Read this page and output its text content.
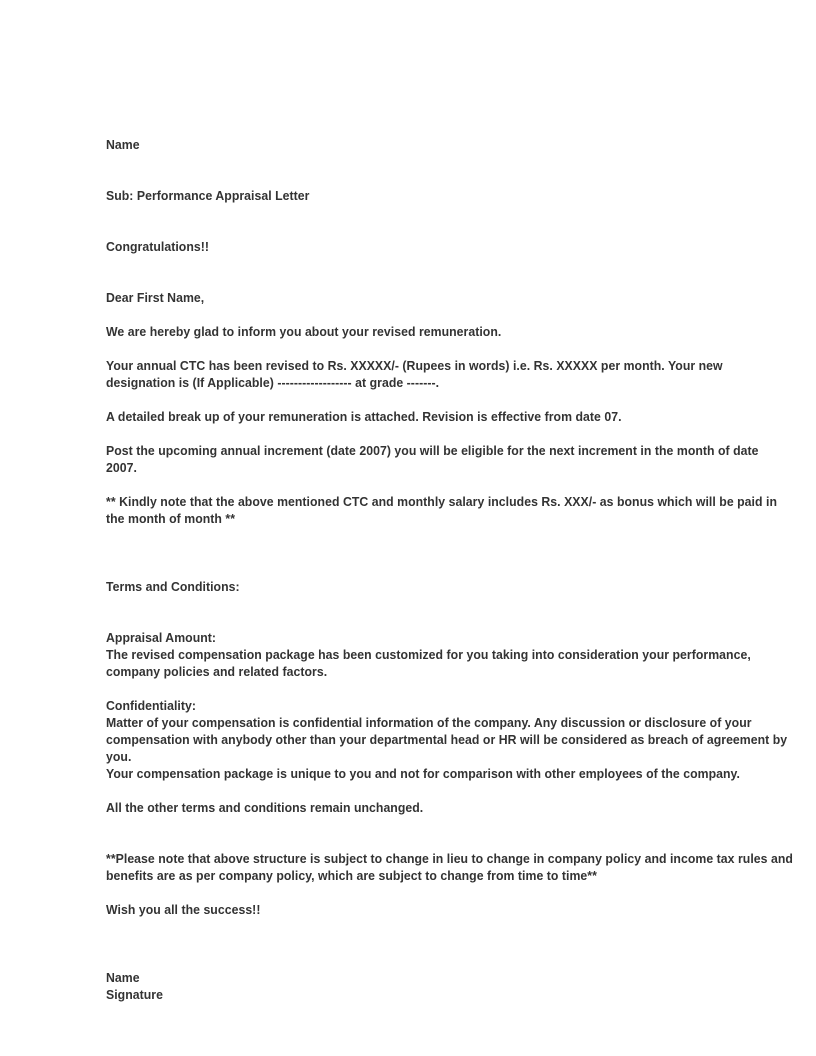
Name
Sub: Performance Appraisal Letter
Congratulations!!
Dear First Name,
We are hereby glad to inform you about your revised remuneration.
Your annual CTC has been revised to Rs. XXXXX/- (Rupees in words) i.e. Rs. XXXXX per month. Your new
designation is (If Applicable) ------------------ at grade -------.
A detailed break up of your remuneration is attached. Revision is effective from date 07.
Post the upcoming annual increment (date 2007) you will be eligible for the next increment in the month of date
2007.
** Kindly note that the above mentioned CTC and monthly salary includes Rs. XXX/- as bonus which will be paid in
the month of month **
Terms and Conditions:
Appraisal Amount:
The revised compensation package has been customized for you taking into consideration your performance,
company policies and related factors.
Confidentiality:
Matter of your compensation is confidential information of the company. Any discussion or disclosure of your
compensation with anybody other than your departmental head or HR will be considered as breach of agreement by
you.
Your compensation package is unique to you and not for comparison with other employees of the company.
All the other terms and conditions remain unchanged.
**Please note that above structure is subject to change in lieu to change in company policy and income tax rules and
benefits are as per company policy, which are subject to change from time to time**
Wish you all the success!!
Name
Signature
